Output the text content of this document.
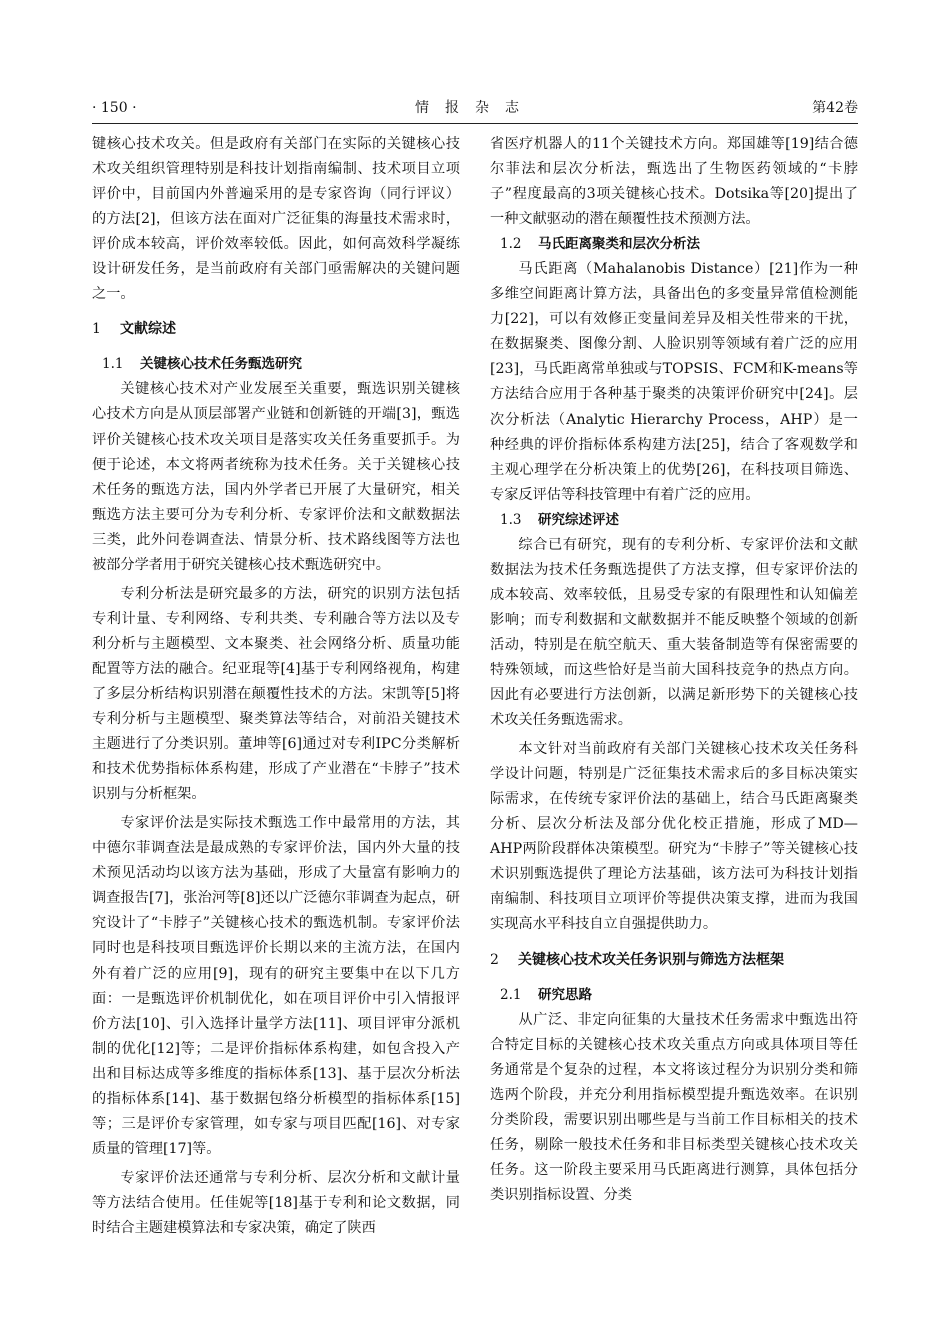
· 150 ·	情报杂志	第42卷

键核心技术攻关。但是政府有关部门在实际的关键核心技术攻关组织管理特别是科技计划指南编制、技术项目立项评价中，目前国内外普遍采用的是专家咨询（同行评议）的方法[2]，但该方法在面对广泛征集的海量技术需求时，评价成本较高，评价效率较低。因此，如何高效科学凝练设计研发任务，是当前政府有关部门亟需解决的关键问题之一。

1 文献综述

1.1 关键核心技术任务甄选研究

关键核心技术对产业发展至关重要，甄选识别关键核心技术方向是从顶层部署产业链和创新链的开端[3]，甄选评价关键核心技术攻关项目是落实攻关任务重要抓手。为便于论述，本文将两者统称为技术任务。关于关键核心技术任务的甄选方法，国内外学者已开展了大量研究，相关甄选方法主要可分为专利分析、专家评价法和文献数据法三类，此外问卷调查法、情景分析、技术路线图等方法也被部分学者用于研究关键核心技术甄选研究中。

专利分析法是研究最多的方法，研究的识别方法包括专利计量、专利网络、专利共类、专利融合等方法以及专利分析与主题模型、文本聚类、社会网络分析、质量功能配置等方法的融合。纪亚琨等[4]基于专利网络视角，构建了多层分析结构识别潜在颠覆性技术的方法。宋凯等[5]将专利分析与主题模型、聚类算法等结合，对前沿关键技术主题进行了分类识别。董坤等[6]通过对专利IPC分类解析和技术优势指标体系构建，形成了产业潜在“卡脖子”技术识别与分析框架。

专家评价法是实际技术甄选工作中最常用的方法，其中德尔菲调查法是最成熟的专家评价法，国内外大量的技术预见活动均以该方法为基础，形成了大量富有影响力的调查报告[7]，张治河等[8]还以广泛德尔菲调查为起点，研究设计了“卡脖子”关键核心技术的甄选机制。专家评价法同时也是科技项目甄选评价长期以来的主流方法，在国内外有着广泛的应用[9]，现有的研究主要集中在以下几方面：一是甄选评价机制优化，如在项目评价中引入情报评价方法[10]、引入选择计量学方法[11]、项目评审分派机制的优化[12]等；二是评价指标体系构建，如包含投入产出和目标达成等多维度的指标体系[13]、基于层次分析法的指标体系[14]、基于数据包络分析模型的指标体系[15]等；三是评价专家管理，如专家与项目匹配[16]、对专家质量的管理[17]等。

专家评价法还通常与专利分析、层次分析和文献计量等方法结合使用。任佳妮等[18]基于专利和论文数据，同时结合主题建模算法和专家决策，确定了陕西

省医疗机器人的11个关键技术方向。郑国雄等[19]结合德尔菲法和层次分析法，甄选出了生物医药领域的“卡脖子”程度最高的3项关键核心技术。Dotsika等[20]提出了一种文献驱动的潜在颠覆性技术预测方法。

1.2 马氏距离聚类和层次分析法

马氏距离（Mahalanobis Distance）[21]作为一种多维空间距离计算方法，具备出色的多变量异常值检测能力[22]，可以有效修正变量间差异及相关性带来的干扰，在数据聚类、图像分割、人脸识别等领域有着广泛的应用[23]，马氏距离常单独或与TOPSIS、FCM和K-means等方法结合应用于各种基于聚类的决策评价研究中[24]。层次分析法（Analytic Hierarchy Process，AHP）是一种经典的评价指标体系构建方法[25]，结合了客观数学和主观心理学在分析决策上的优势[26]，在科技项目筛选、专家反评估等科技管理中有着广泛的应用。

1.3 研究综述评述

综合已有研究，现有的专利分析、专家评价法和文献数据法为技术任务甄选提供了方法支撑，但专家评价法的成本较高、效率较低，且易受专家的有限理性和认知偏差影响；而专利数据和文献数据并不能反映整个领域的创新活动，特别是在航空航天、重大装备制造等有保密需要的特殊领域，而这些恰好是当前大国科技竞争的热点方向。因此有必要进行方法创新，以满足新形势下的关键核心技术攻关任务甄选需求。

本文针对当前政府有关部门关键核心技术攻关任务科学设计问题，特别是广泛征集技术需求后的多目标决策实际需求，在传统专家评价法的基础上，结合马氏距离聚类分析、层次分析法及部分优化校正措施，形成了MD—AHP两阶段群体决策模型。研究为“卡脖子”等关键核心技术识别甄选提供了理论方法基础，该方法可为科技计划指南编制、科技项目立项评价等提供决策支撑，进而为我国实现高水平科技自立自强提供助力。

2 关键核心技术攻关任务识别与筛选方法框架

2.1 研究思路

从广泛、非定向征集的大量技术任务需求中甄选出符合特定目标的关键核心技术攻关重点方向或具体项目等任务通常是个复杂的过程，本文将该过程分为识别分类和筛选两个阶段，并充分利用指标模型提升甄选效率。在识别分类阶段，需要识别出哪些是与当前工作目标相关的技术任务，剔除一般技术任务和非目标类型关键核心技术攻关任务。这一阶段主要采用马氏距离进行测算，具体包括分类识别指标设置、分类
